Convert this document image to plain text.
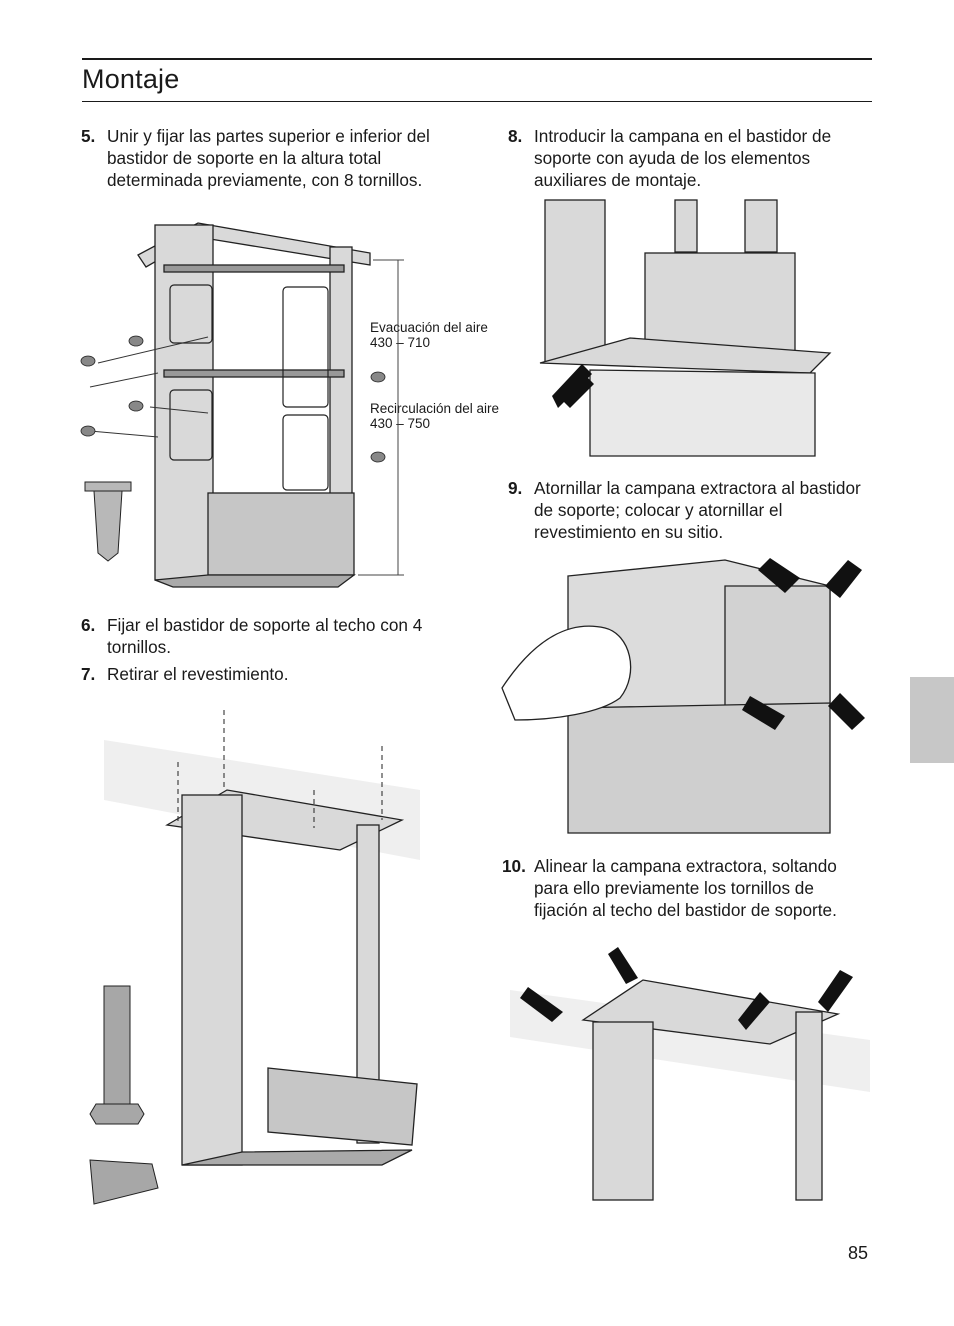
Montaje
5. Unir y fijar las partes superior e inferior del bastidor de soporte en la altura total determinada previamente, con 8 tornillos.
6. Fijar el bastidor de soporte al techo con 4 tornillos.
7. Retirar el revestimiento.
8. Introducir la campana en el bastidor de soporte con ayuda de los elementos auxiliares de montaje.
9. Atornillar la campana extractora al bastidor de soporte; colocar y atornillar el revestimiento en su sitio.
10. Alinear la campana extractora, soltando para ello previamente los tornillos de fijación al techo del bastidor de soporte.
Evacuación del aire
430 – 710
Recirculación del aire
430 – 750
85
